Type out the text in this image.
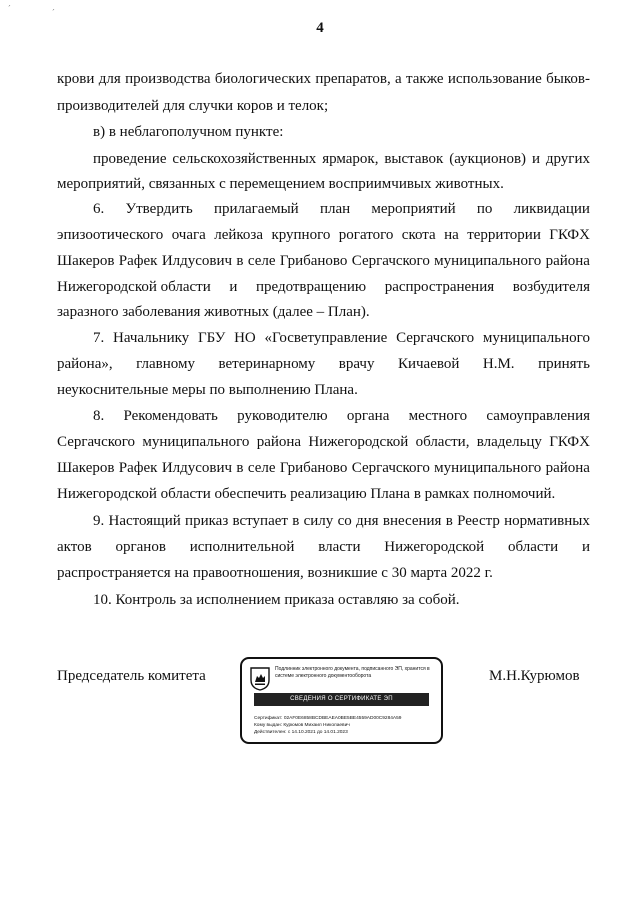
ˊ	ˊ
4
крови для производства биологических препаратов, а также использование быков-
производителей для случки коров и телок;
в) в неблагополучном пункте:
проведение сельскохозяйственных ярмарок, выставок (аукционов) и других
мероприятий, связанных с перемещением восприимчивых животных.
6. Утвердить прилагаемый план мероприятий по ликвидации
эпизоотического очага лейкоза крупного рогатого скота на территории ГКФХ
Шакеров Рафек Илдусович в селе Грибаново Сергачского муниципального района
Нижегородской области и предотвращению распространения возбудителя
заразного заболевания животных (далее – План).
7. Начальнику ГБУ НО «Госветуправление Сергачского муниципального
района», главному ветеринарному врачу Кичаевой Н.М. принять
неукоснительные меры по выполнению Плана.
8. Рекомендовать руководителю органа местного самоуправления
Сергачского муниципального района Нижегородской области, владельцу ГКФХ
Шакеров Рафек Илдусович в селе Грибаново Сергачского муниципального района
Нижегородской области обеспечить реализацию Плана в рамках полномочий.
9. Настоящий приказ вступает в силу со дня внесения в Реестр нормативных
актов органов исполнительной власти Нижегородской области и
распространяется на правоотношения, возникшие с 30 марта 2022 г.
10. Контроль за исполнением приказа оставляю за собой.
Председатель комитета	Подлинник электронного документа, подписанного ЭП, хранится в системе электронного документооборота
СВЕДЕНИЯ О СЕРТИФИКАТЕ ЭП
Сертификат: 02AF0E6858BCDBEAEA0BE5BE4559AD00C9284A59
Кому выдан: Курюмов Михаил Николаевич
Действителен: с 14.10.2021 до 14.01.2023
М.Н.Курюмов
